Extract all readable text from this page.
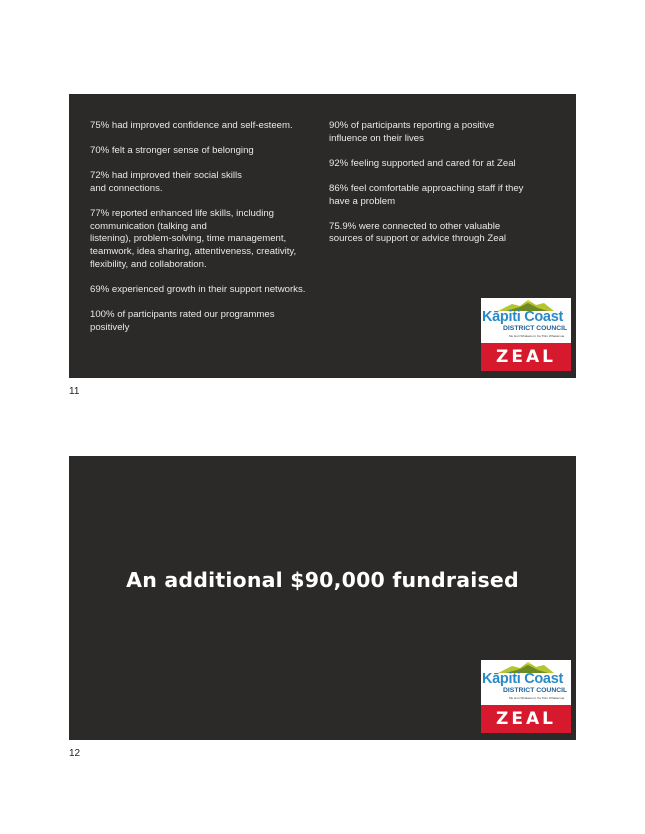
75% had improved confidence and self-esteem.

70% felt a stronger sense of belonging

72% had improved their social skills
and connections.

77% reported enhanced life skills, including communication (talking and
listening), problem-solving, time management, teamwork, idea sharing, attentiveness, creativity, flexibility, and collaboration.

69% experienced growth in their support networks.

100% of participants rated our programmes positively

90% of participants reporting a positive influence on their lives

92% feeling supported and cared for at Zeal

86% feel comfortable approaching staff if they have a problem

75.9% were connected to other valuable sources of support or advice through Zeal

Kāpiti Coast
DISTRICT COUNCIL
Me Huri Whakamuri, Ka Titiro Whakamua
ZEAL
11
An additional $90,000 fundraised
Kāpiti Coast
DISTRICT COUNCIL
Me Huri Whakamuri, Ka Titiro Whakamua
ZEAL
12
